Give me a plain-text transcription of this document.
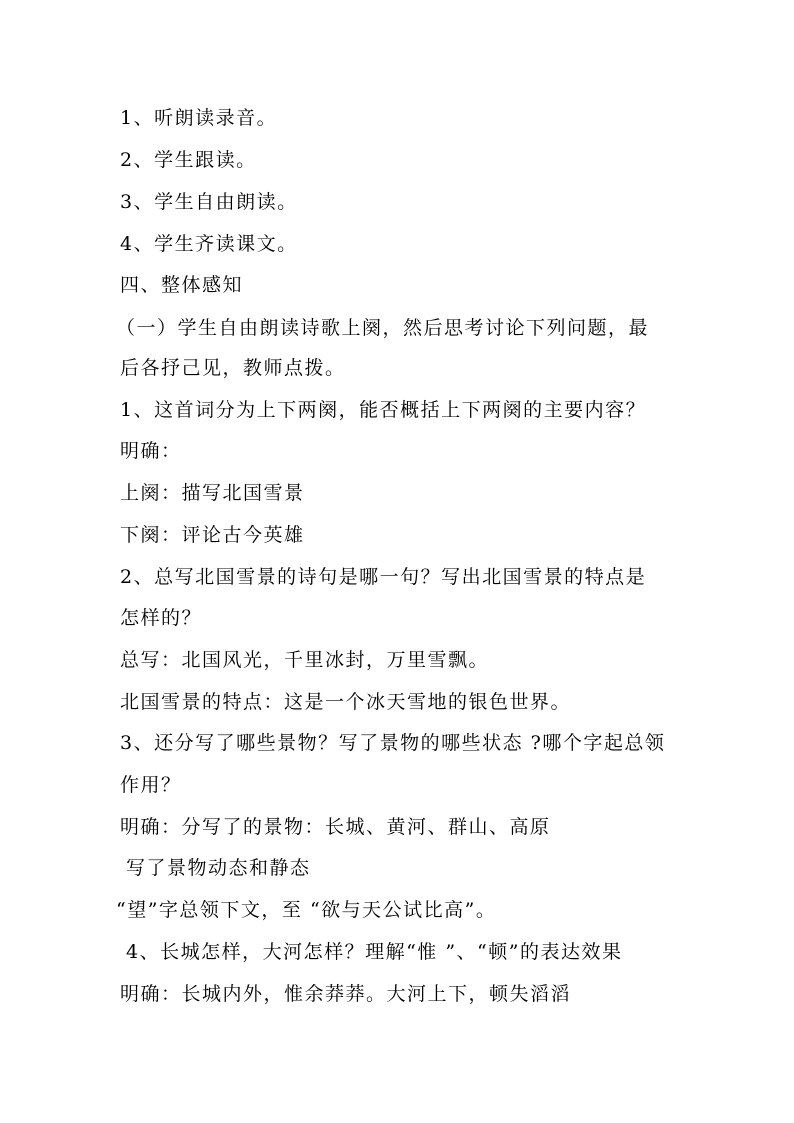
1、听朗读录音。
2、学生跟读。
3、学生自由朗读。
4、学生齐读课文。
四、整体感知
（一）学生自由朗读诗歌上阕，然后思考讨论下列问题，最
后各抒己见，教师点拨。
1、这首词分为上下两阕，能否概括上下两阕的主要内容？
明确：
上阕：描写北国雪景
下阕：评论古今英雄
2、总写北国雪景的诗句是哪一句？写出北国雪景的特点是
怎样的？
总写：北国风光，千里冰封，万里雪飘。
北国雪景的特点：这是一个冰天雪地的银色世界。
3、还分写了哪些景物？写了景物的哪些状态 ?哪个字起总领
作用？
明确：分写了的景物：长城、黄河、群山、高原
写了景物动态和静态
“望”字总领下文，至 “欲与天公试比高”。
4、长城怎样，大河怎样？理解“惟 ”、“顿”的表达效果
明确：长城内外，惟余莽莽。大河上下，顿失滔滔
